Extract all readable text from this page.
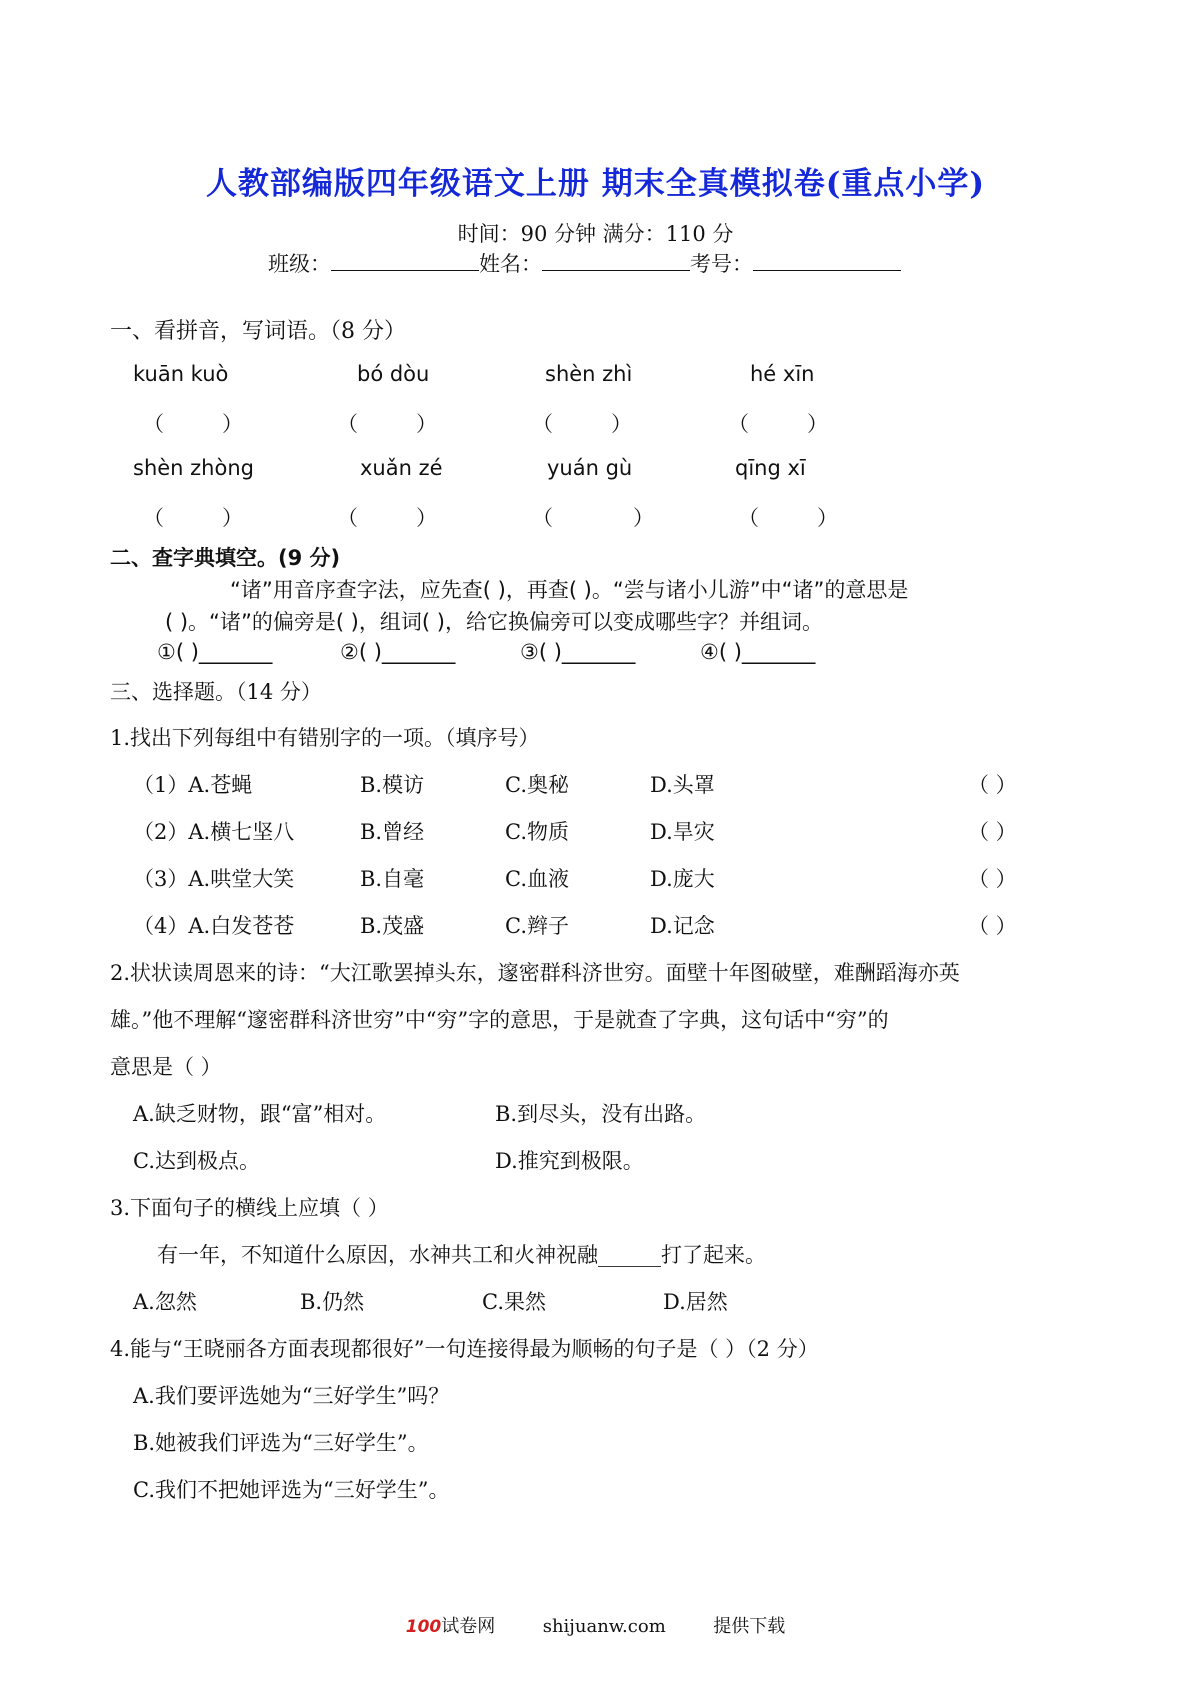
人教部编版四年级语文上册 期末全真模拟卷(重点小学)
时间：90 分钟 满分：110 分
班级：	姓名：	考号：
一、看拼音，写词语。（8 分）
kuān kuò	bó dòu	shèn zhì	hé xīn
（	）	（	）	（	）	（	）
shèn zhòng	xuǎn zé	yuán gù	qīng xī
（	）	（	）	（	）	（	）
二、查字典填空。(9 分)
“诸”用音序查字法，应先查( )，再查( )。“尝与诸小儿游”中“诸”的意思是
( )。“诸”的偏旁是( )，组词( )，给它换偏旁可以变成哪些字？并组词。
①( )_______	②( )_______	③( )_______	④( )_______
三、选择题。（14 分）
1.找出下列每组中有错别字的一项。（填序号）
（1）A.苍蝇	B.模访	C.奥秘	D.头罩	（ ）
（2）A.横七坚八	B.曾经	C.物质	D.旱灾	（ ）
（3）A.哄堂大笑	B.自毫	C.血液	D.庞大	（ ）
（4）A.白发苍苍	B.茂盛	C.辫子	D.记念	（ ）
2.状状读周恩来的诗：“大江歌罢掉头东，邃密群科济世穷。面壁十年图破壁，难酬蹈海亦英
雄。”他不理解“邃密群科济世穷”中“穷”字的意思，于是就查了字典，这句话中“穷”的
意思是（ ）
A.缺乏财物，跟“富”相对。	B.到尽头，没有出路。
C.达到极点。	D.推究到极限。
3.下面句子的横线上应填（ ）
有一年，不知道什么原因，水神共工和火神祝融______打了起来。
A.忽然	B.仍然	C.果然	D.居然
4.能与“王晓丽各方面表现都很好”一句连接得最为顺畅的句子是（ ）（2 分）
A.我们要评选她为“三好学生”吗？
B.她被我们评选为“三好学生”。
C.我们不把她评选为“三好学生”。
100试卷网	shijuanw.com	提供下载
